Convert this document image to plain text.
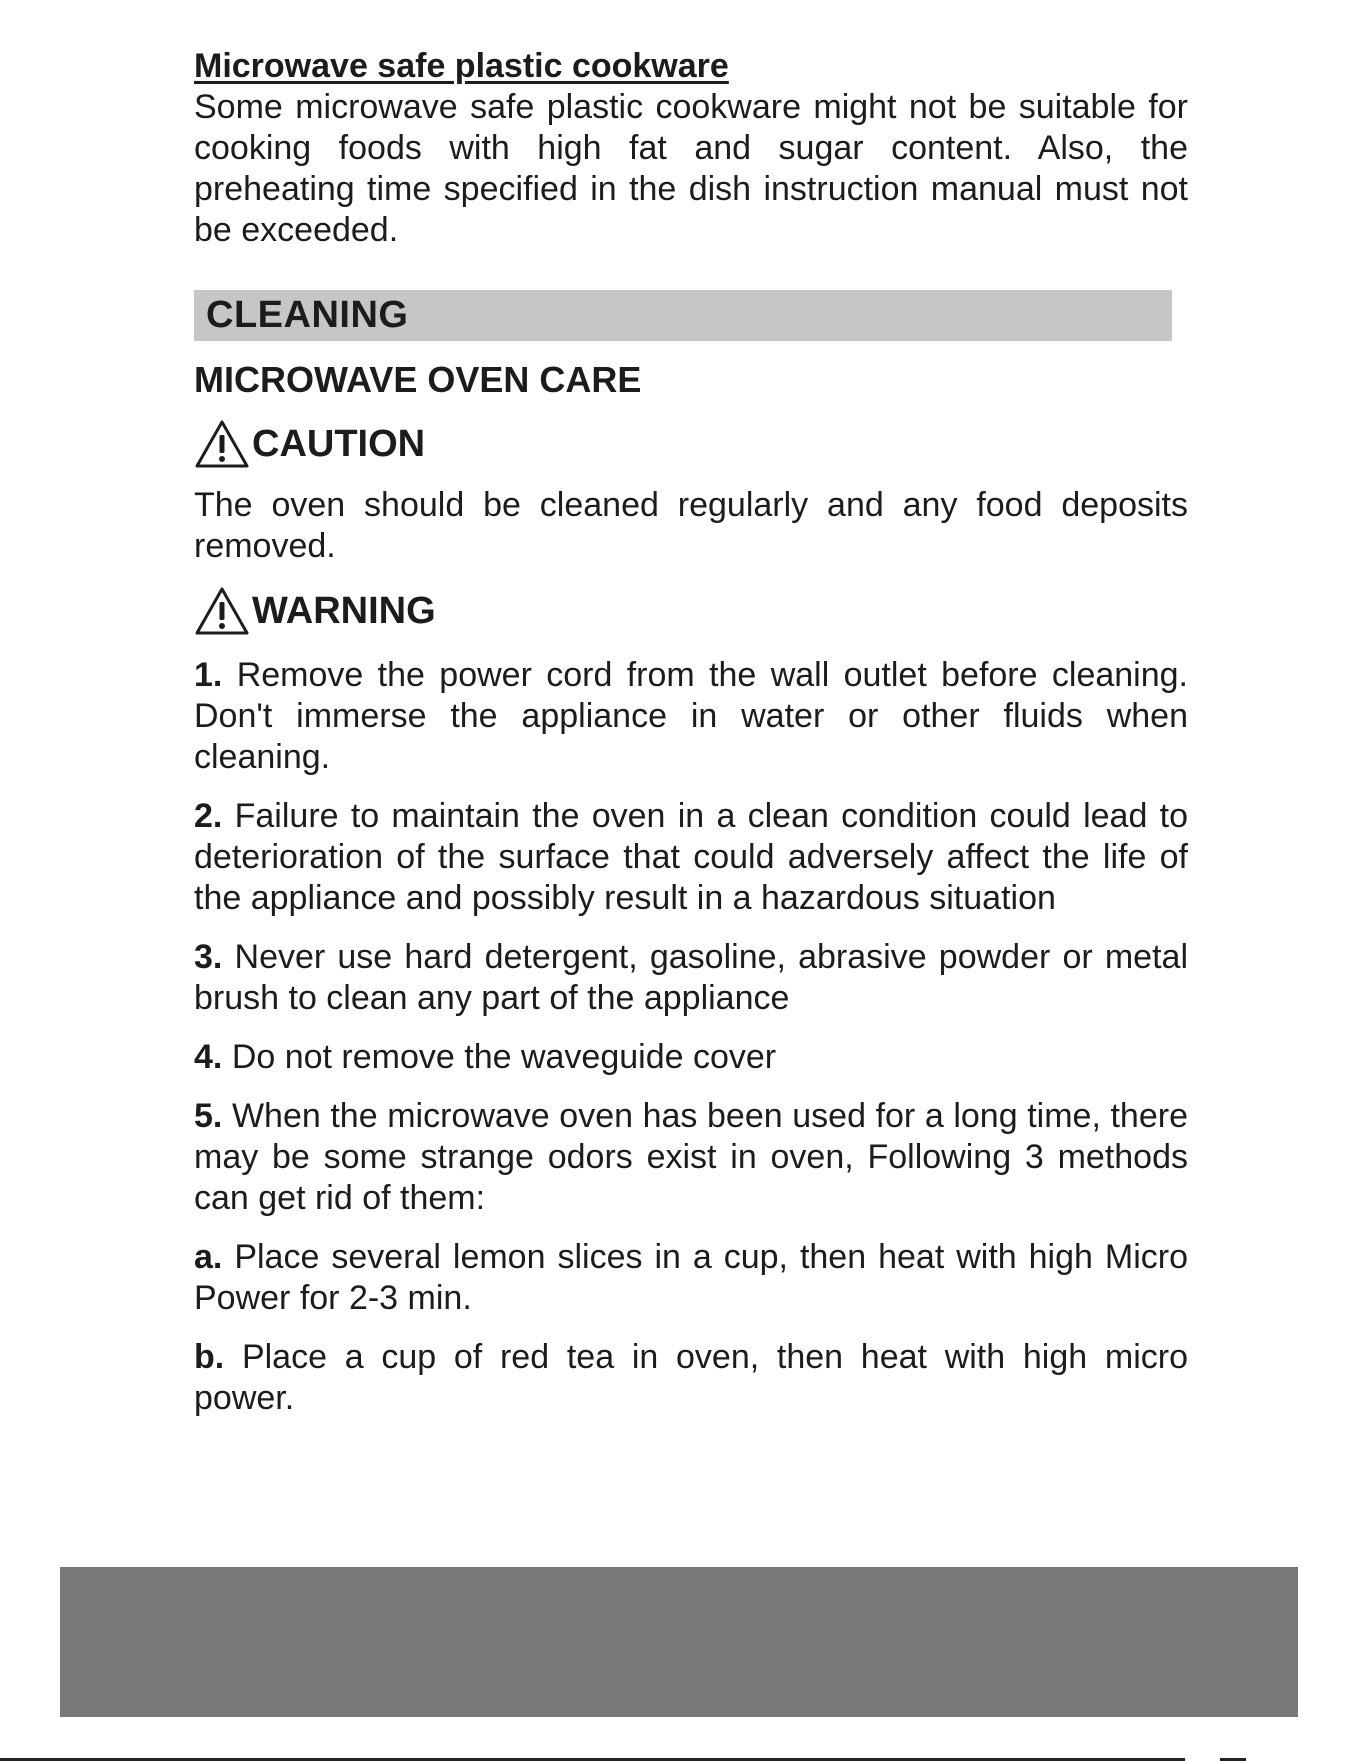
Microwave safe plastic cookware

Some microwave safe plastic cookware might not be suitable for cooking foods with high fat and sugar content. Also, the preheating time specified in the dish instruction manual must not be exceeded.

CLEANING
MICROWAVE OVEN CARE
CAUTION

The oven should be cleaned regularly and any food deposits removed.

WARNING

1. Remove the power cord from the wall outlet before cleaning. Don't immerse the appliance in water or other fluids when cleaning.

2. Failure to maintain the oven in a clean condition could lead to deterioration of the surface that could adversely affect the life of the appliance and possibly result in a hazardous situation

3. Never use hard detergent, gasoline, abrasive powder or metal brush to clean any part of the appliance

4. Do not remove the waveguide cover

5. When the microwave oven has been used for a long time, there may be some strange odors exist in oven, Following 3 methods can get rid of them:

a. Place several lemon slices in a cup, then heat with high Micro Power for 2-3 min.

b. Place a cup of red tea in oven, then heat with high micro power.
